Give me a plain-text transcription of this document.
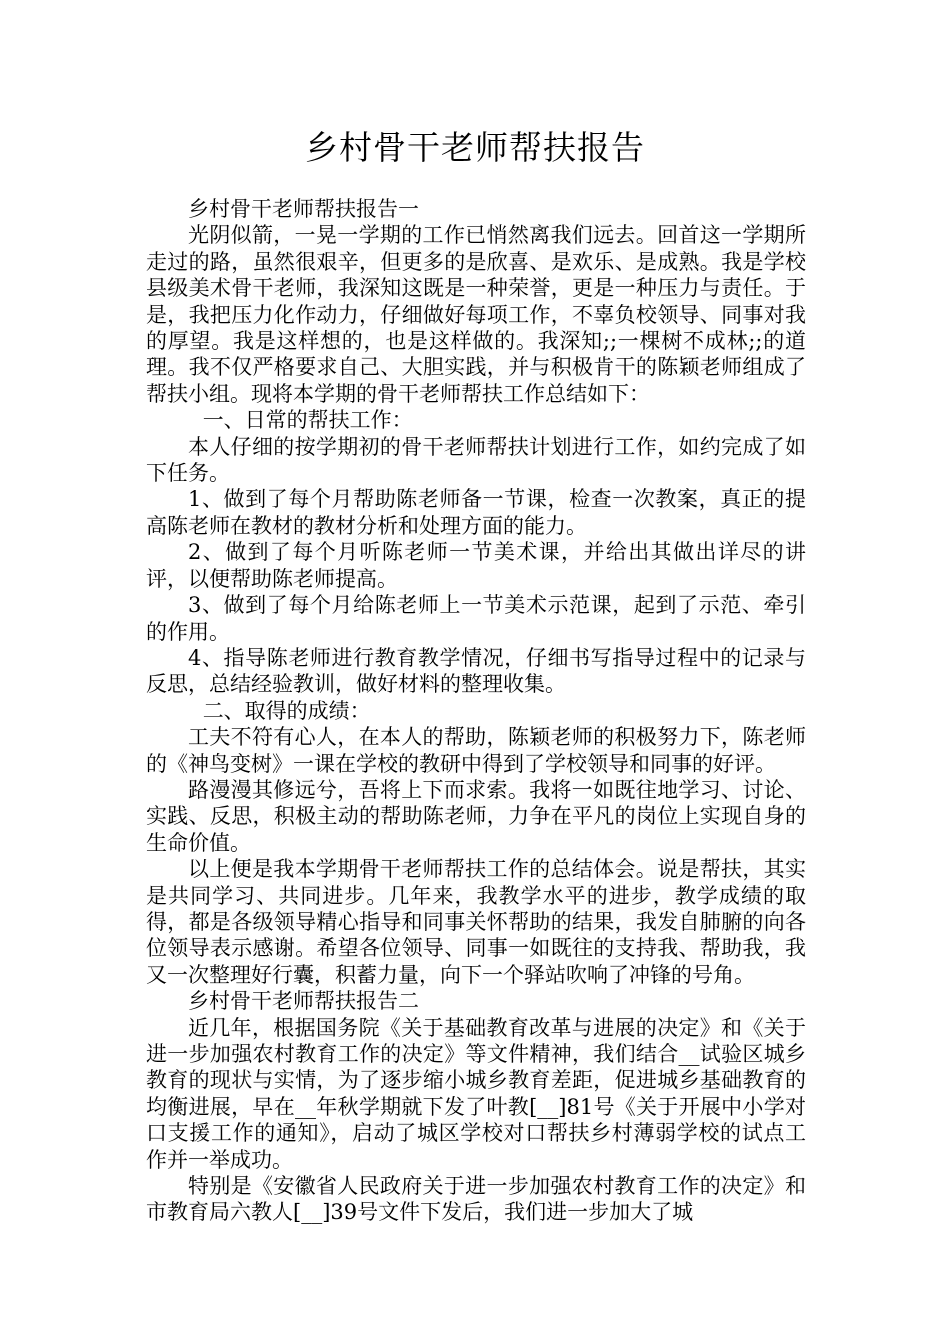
乡村骨干老师帮扶报告

乡村骨干老师帮扶报告一

光阴似箭，一晃一学期的工作已悄然离我们远去。回首这一学期所走过的路，虽然很艰辛，但更多的是欣喜、是欢乐、是成熟。我是学校县级美术骨干老师，我深知这既是一种荣誉，更是一种压力与责任。于是，我把压力化作动力，仔细做好每项工作，不辜负校领导、同事对我的厚望。我是这样想的，也是这样做的。我深知;;一棵树不成林;;的道理。我不仅严格要求自己、大胆实践，并与积极肯干的陈颖老师组成了帮扶小组。现将本学期的骨干老师帮扶工作总结如下：

一、日常的帮扶工作：

本人仔细的按学期初的骨干老师帮扶计划进行工作，如约完成了如下任务。

1、做到了每个月帮助陈老师备一节课，检查一次教案，真正的提高陈老师在教材的教材分析和处理方面的能力。

2、做到了每个月听陈老师一节美术课，并给出其做出详尽的讲评，以便帮助陈老师提高。

3、做到了每个月给陈老师上一节美术示范课，起到了示范、牵引的作用。

4、指导陈老师进行教育教学情况，仔细书写指导过程中的记录与反思，总结经验教训，做好材料的整理收集。

二、取得的成绩：

工夫不符有心人，在本人的帮助，陈颖老师的积极努力下，陈老师的《神鸟变树》一课在学校的教研中得到了学校领导和同事的好评。

路漫漫其修远兮，吾将上下而求索。我将一如既往地学习、讨论、实践、反思，积极主动的帮助陈老师，力争在平凡的岗位上实现自身的生命价值。

以上便是我本学期骨干老师帮扶工作的总结体会。说是帮扶，其实是共同学习、共同进步。几年来，我教学水平的进步，教学成绩的取得，都是各级领导精心指导和同事关怀帮助的结果，我发自肺腑的向各位领导表示感谢。希望各位领导、同事一如既往的支持我、帮助我，我又一次整理好行囊，积蓄力量，向下一个驿站吹响了冲锋的号角。

乡村骨干老师帮扶报告二

近几年，根据国务院《关于基础教育改革与进展的决定》和《关于进一步加强农村教育工作的决定》等文件精神，我们结合__试验区城乡教育的现状与实情，为了逐步缩小城乡教育差距，促进城乡基础教育的均衡进展，早在__年秋学期就下发了叶教[__]81号《关于开展中小学对口支援工作的通知》，启动了城区学校对口帮扶乡村薄弱学校的试点工作并一举成功。

特别是《安徽省人民政府关于进一步加强农村教育工作的决定》和市教育局六教人[__]39号文件下发后，我们进一步加大了城
